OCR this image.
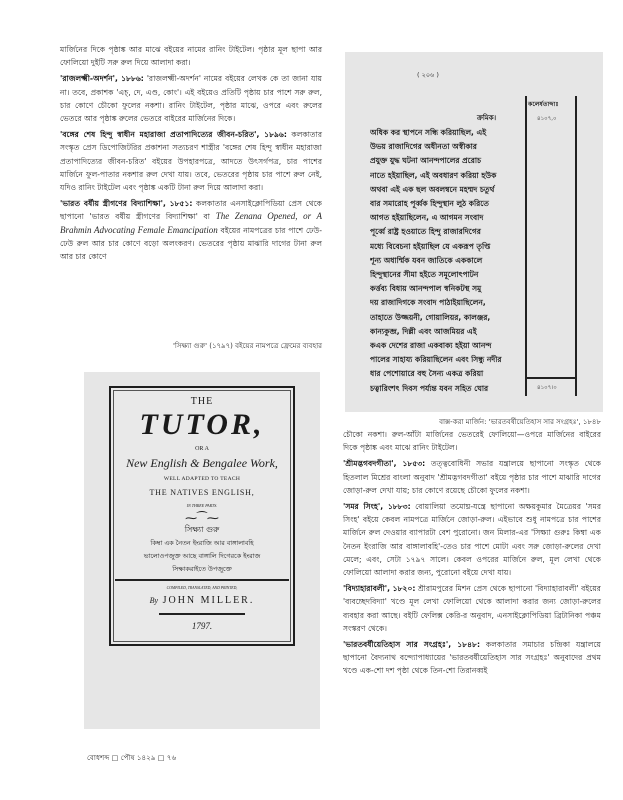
মার্জিনের দিকে পৃষ্ঠাঙ্ক আর মাঝে বইয়ের নামের রানিং টাইটেল। পৃষ্ঠার মূল ছাপা আর ফোলিয়ো দুইটি সরু রুল দিয়ে আলাদা করা।

'রাজলক্ষ্মী-অদর্শন', ১৮৮৬: 'রাজলক্ষ্মী-অদর্শন' নামের বইয়ের লেখক কে তা জানা যায় না। তবে, প্রকাশক 'এচ্, দে, এণ্ড, কোং'। এই বইয়েও প্রতিটি পৃষ্ঠায় চার পাশে সরু রুল, চার কোণে চৌকো ফুলের নকশা। রানিং টাইটেল, পৃষ্ঠার মাঝে, ওপরে এবং রুলের ভেতরে আর পৃষ্ঠাঙ্ক রুলের ভেতরে বাইরের মার্জিনের দিকে।

'বঙ্গের শেষ হিন্দু স্বাধীন মহারাজা প্রতাপাদিত্যের জীবন-চরিত', ১৮৯৬: কলকাতার সংস্কৃত প্রেস ডিপোজিটরির প্রকাশনা সত্যচরণ শাস্ত্রীর 'বঙ্গের শেষ হিন্দু স্বাধীন মহারাজা প্রতাপাদিত্যের জীবন-চরিত' বইয়ের উপহারপত্রে, আদতে উৎসর্গপত্র, চার পাশের মার্জিনে ফুল-পাতার নকশার রুল দেখা যায়। তবে, ভেতরের পৃষ্ঠায় চার পাশে রুল নেই, যদিও রানিং টাইটেল এবং পৃষ্ঠাঙ্ক একটি টানা রুল দিয়ে আলাদা করা।

'ভারত বর্ষীয় স্ত্রীগণের বিদ্যাশিক্ষা', ১৮৫১: কলকাতার এনসাইক্লোপিডিয়া প্রেস থেকে ছাপানো 'ভারত বর্ষীয় স্ত্রীগণের বিদ্যাশিক্ষা' বা The Zenana Opened, or A Brahmin Advocating Female Emancipation বইয়ের নামপত্রের চার পাশে ঢেউ-ঢেউ রুল আর চার কোণে বড়ো অলংকরণ। ভেতরের পৃষ্ঠায় মাঝারি দাগের টানা রুল আর চার কোণে

'সিক্ষ্যা গুরু' (১৭৯৭) বইয়ের নামপত্রে ফ্রেমের ব্যবহার
THE
TUTOR,
OR A
New English & Bengalee Work,
WELL ADAPTED TO TEACH
THE NATIVES ENGLISH,
IN THREE PARTS.
⁓⁀⁓
সিক্ষ্যা গুরু
কিম্বা এক নৈতন ইংরাজি আর বাঙ্গালাবহি
ভালোওপজুক্ত আছে বাঙ্গালি দিগেরকে ইংরাজ
সিক্ষাকরাইতে উপজুক্তে
COMPILED, TRANSLATED, AND PRINTED,
By JOHN MILLER.
1797.
( ২০৬ )
কলের্ষতাব্দাঃ
৪১০৭,০
৪১০৭।০
ক্রমিক।
অধিক কর স্থাপনে সন্ধি করিয়াছিল, এই
উভয় রাজাদিগের অধীনতা অস্বীকার
প্রযুক্ত যুদ্ধ ঘটনা আনন্দপালের প্ররোচ
নাতে হইয়াছিল, এই অবধারণ করিয়া হউক
অথবা এই এক ছল অবলম্বনে মহম্মদ চতুর্থ
বার সমারোহ পূর্ব্বক হিন্দুস্থান লুঠ করিতে
আগত হইয়াছিলেন, এ আগমন সংবাদ
পূর্ব্বে রাষ্ট্র হওয়াতে হিন্দু রাজারদিগের
মধ্যে বিবেচনা হইয়াছিল যে একরূপ তৃপ্তি
শূন্য অধার্ম্মিক যবন জাতিকে এককালে
হিন্দুস্থানের সীমা হইতে সমূলোৎপাটন
কর্ত্তব্য বিধায় আনন্দপাল স্বনিকটস্থ সমু
দয় রাজাদিগকে সংবাদ পাঠাইয়াছিলেন,
তাহাতে উজ্জয়নী, গোয়ালিয়র, কালঞ্জর,
কান্যকুব্জ, দিল্লী এবং আজমিয়র এই
কএক দেশের রাজা একবাক্য হইয়া আনন্দ
পালের সাহায্য করিয়াছিলেন এবং সিন্ধু নদীর
ধার পেশোয়ারে বহু সৈন্য একত্র করিয়া
চত্বারিংশৎ দিবস পর্য্যন্ত যবন সহিত ঘোর
বাক্স-করা মার্জিন: 'ভারতবর্ষীয়েতিহাস সার সংগ্রহঃ', ১৮৪৮

চৌকো নকশা। রুল-আঁটা মার্জিনের ভেতরেই ফোলিয়ো—ওপরে মার্জিনের বাইরের দিকে পৃষ্ঠাঙ্ক এবং মাঝে রানিং টাইটেল।

'শ্রীমদ্ভগবদগীতা', ১৮৫৩: তত্ত্ববোধিনী সভার যন্ত্রালয়ে ছাপানো সংস্কৃত থেকে হিতলাল মিশ্রের বাংলা অনুবাদ 'শ্রীমদ্ভগবদগীতা' বইয়ে পৃষ্ঠার চার পাশে মাঝারি দাগের জোড়া-রুল দেখা যায়; চার কোণে রয়েছে চৌকো ফুলের নকশা।

'সমর সিংহ', ১৮৮৩: বোয়ালিয়া তমোঘ্ন-যন্ত্রে ছাপানো অক্ষয়কুমার মৈত্রেয়র 'সমর সিংহ' বইয়ে কেবল নামপত্রে মার্জিনে জোড়া-রুল। এইভাবে শুধু নামপত্রে চার পাশের মার্জিনে রুল দেওয়ার ব্যাপারটা বেশ পুরোনো। জন মিলার-এর 'সিক্ষ্যা গুরুঃ কিম্বা এক নৈতন ইংরাজি আর বাঙ্গালাবহি'-তেও চার পাশে মোটা এবং সরু জোড়া-রুলের দেখা মেলে; এবং, সেটা ১৭৯৭ সালে। কেবল ওপরের মার্জিনে রুল, মূল লেখা থেকে ফোলিয়ো আলাদা করার জন্য, পুরোনো বইয়ে দেখা যায়।

'বিদ্যাহারাবলী', ১৮২০: শ্রীরামপুরের মিশন প্রেস থেকে ছাপানো 'বিদ্যাহারাবলী' বইয়ের 'ব্যবচ্ছেদবিদ্যা' খণ্ডে মূল লেখা ফোলিয়ো থেকে আলাদা করার জন্য জোড়া-রুলের ব্যবহার করা আছে। বইটি ফেলিক্স কেরি-র অনুবাদ, এনসাইক্লোপিডিয়া ব্রিটানিকা পঞ্চম সংস্করণ থেকে।

'ভারতবর্ষীয়েতিহাস সার সংগ্রহঃ', ১৮৪৮: কলকাতার সমাচার চন্দ্রিকা যন্ত্রালয়ে ছাপানো বৈদ্যনাথ বন্দ্যোপাধ্যায়ের 'ভারতবর্ষীয়েতিহাস সার সংগ্রহঃ' অনুবাদের প্রথম খণ্ডে এক-শো দশ পৃষ্ঠা থেকে তিন-শো তিরানব্বই

বোধশব্দ □ পৌষ ১৪২৯ □ ৭৬
